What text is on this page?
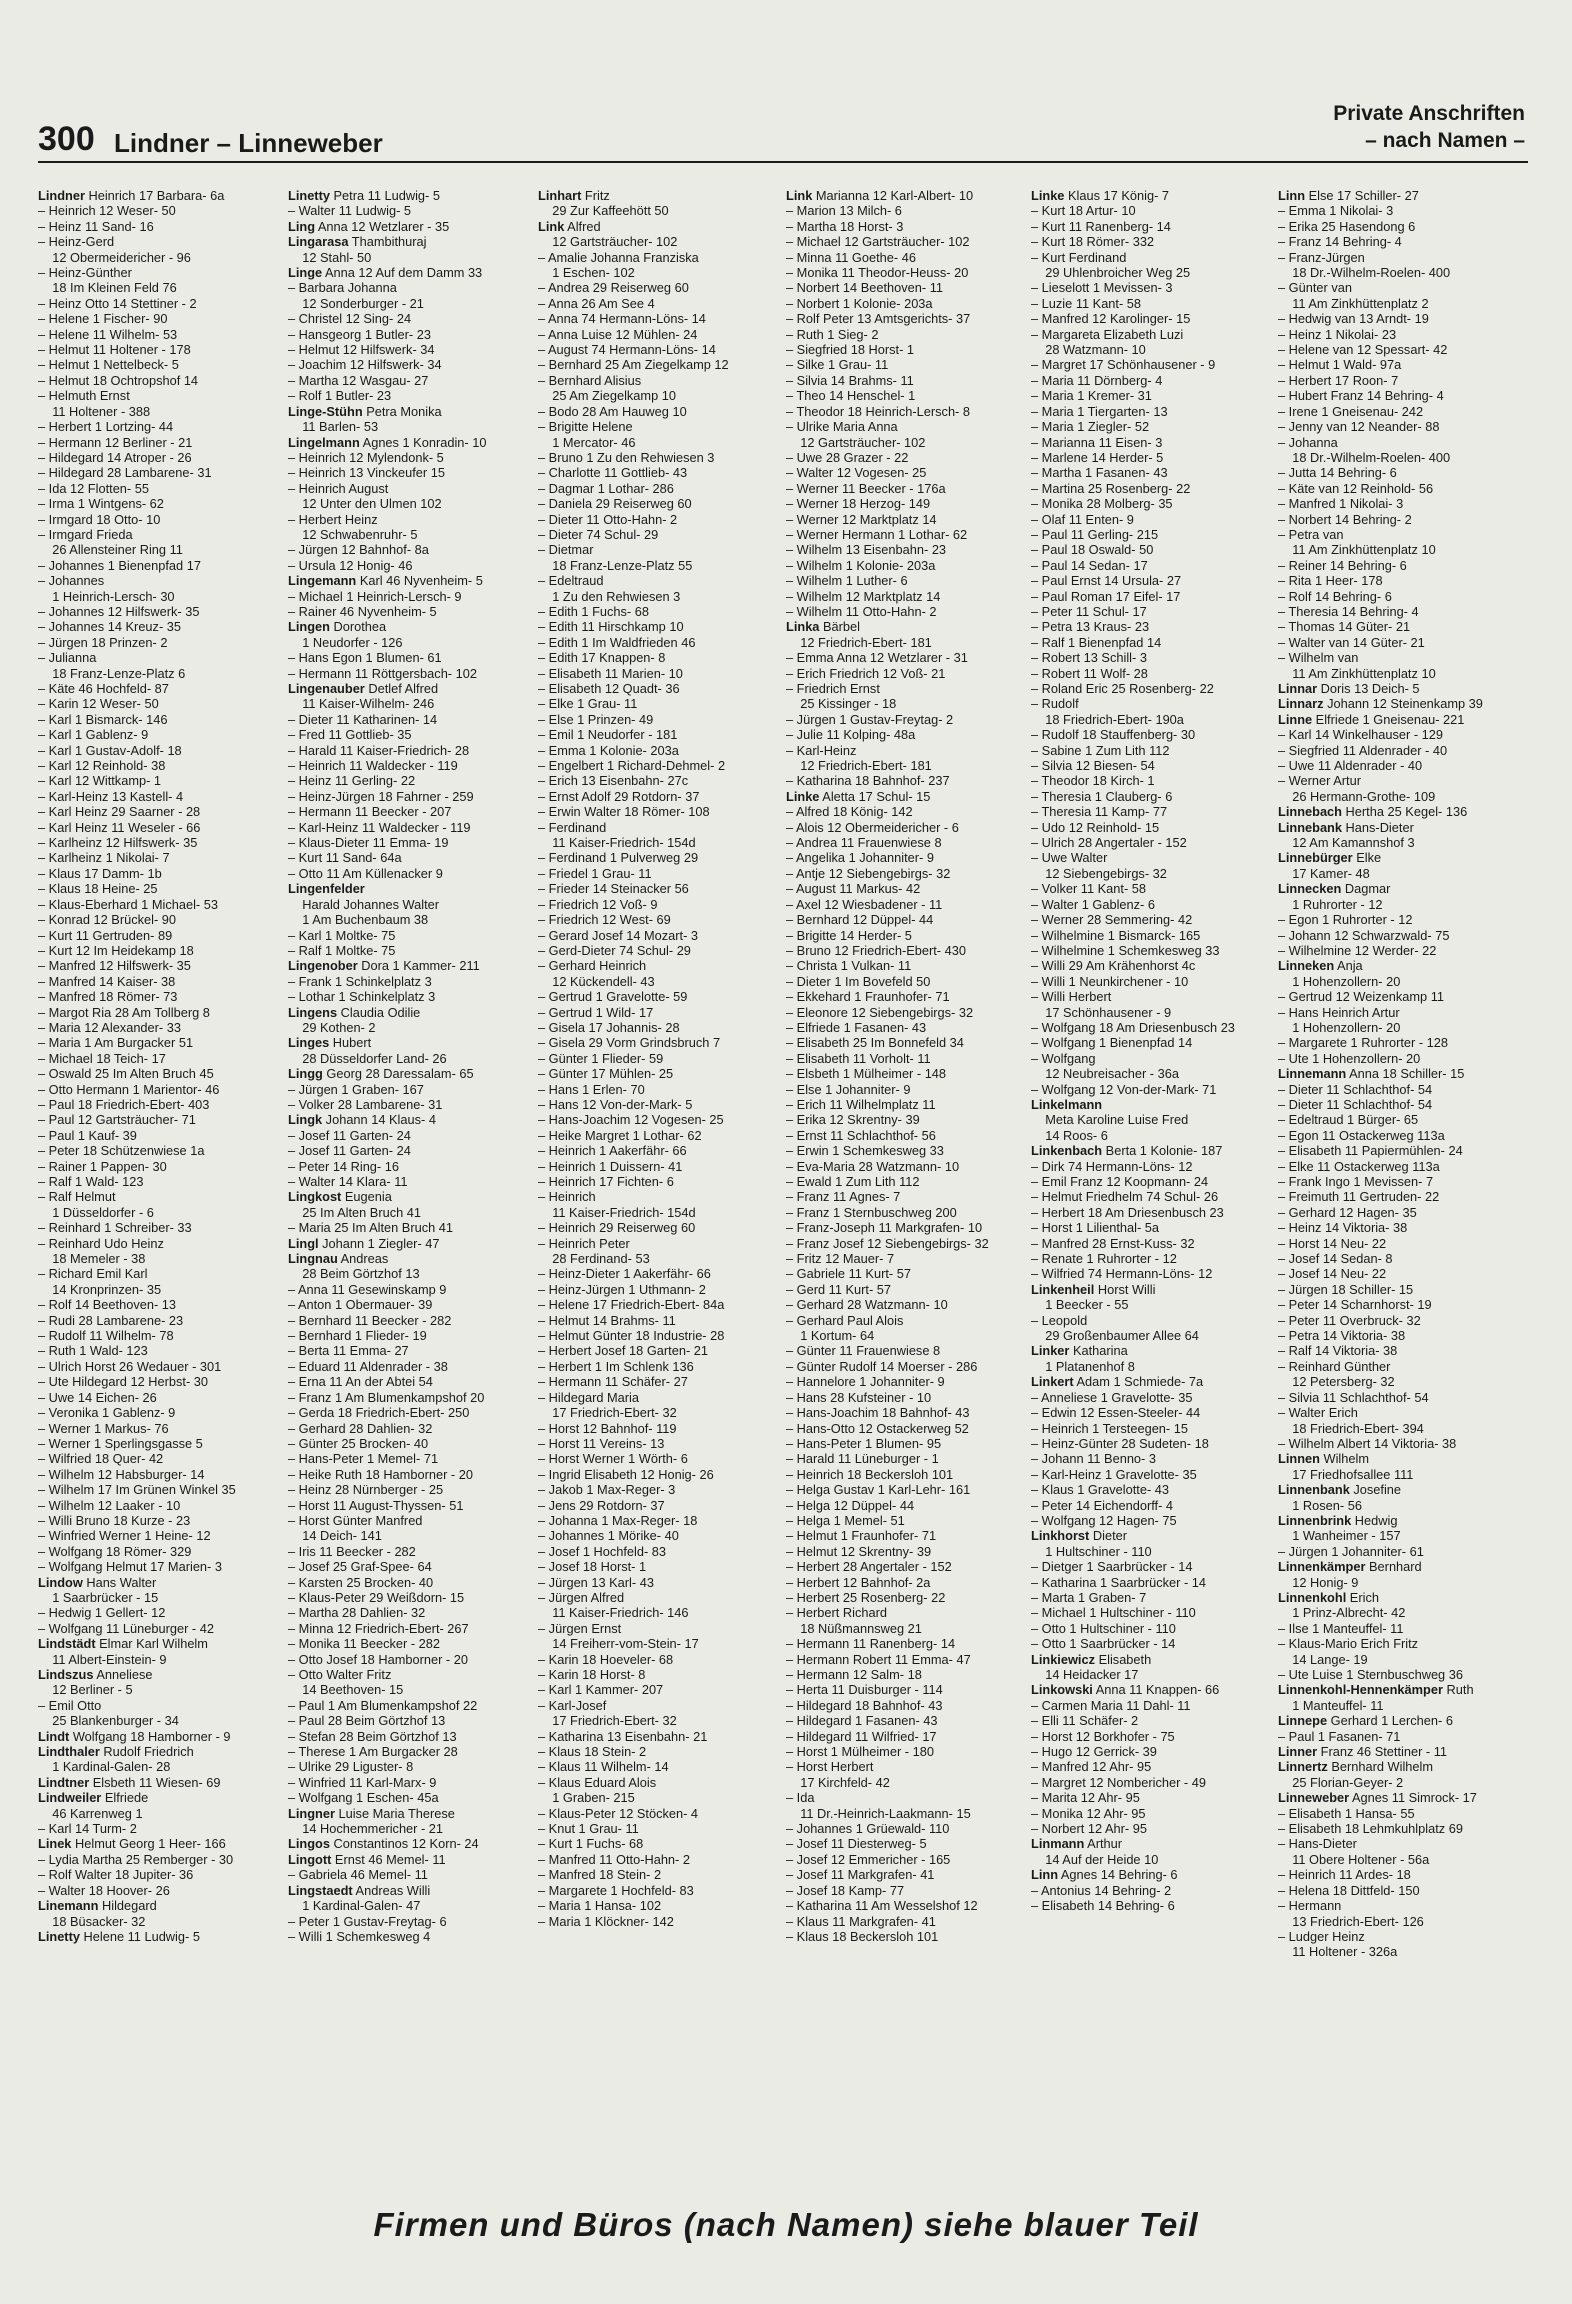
300 Lindner – Linneweber
Private Anschriften
– nach Namen –
Lindner Heinrich 17 Barbara- 6a
– Heinrich 12 Weser- 50
– Heinz 11 Sand- 16
– Heinz-Gerd
12 Obermeidericher - 96
– Heinz-Günther
18 Im Kleinen Feld 76
– Heinz Otto 14 Stettiner - 2
– Helene 1 Fischer- 90
– Helene 11 Wilhelm- 53
– Helmut 11 Holtener - 178
– Helmut 1 Nettelbeck- 5
– Helmut 18 Ochtropshof 14
– Helmuth Ernst
11 Holtener - 388
– Herbert 1 Lortzing- 44
– Hermann 12 Berliner - 21
– Hildegard 14 Atroper - 26
– Hildegard 28 Lambarene- 31
– Ida 12 Flotten- 55
– Irma 1 Wintgens- 62
– Irmgard 18 Otto- 10
– Irmgard Frieda
26 Allensteiner Ring 11
– Johannes 1 Bienenpfad 17
– Johannes
1 Heinrich-Lersch- 30
– Johannes 12 Hilfswerk- 35
– Johannes 14 Kreuz- 35
– Jürgen 18 Prinzen- 2
– Julianna
18 Franz-Lenze-Platz 6
– Käte 46 Hochfeld- 87
– Karin 12 Weser- 50
– Karl 1 Bismarck- 146
– Karl 1 Gablenz- 9
– Karl 1 Gustav-Adolf- 18
– Karl 12 Reinhold- 38
– Karl 12 Wittkamp- 1
– Karl-Heinz 13 Kastell- 4
– Karl Heinz 29 Saarner - 28
– Karl Heinz 11 Weseler - 66
– Karlheinz 12 Hilfswerk- 35
– Karlheinz 1 Nikolai- 7
– Klaus 17 Damm- 1b
– Klaus 18 Heine- 25
– Klaus-Eberhard 1 Michael- 53
– Konrad 12 Brückel- 90
– Kurt 11 Gertruden- 89
– Kurt 12 Im Heidekamp 18
– Manfred 12 Hilfswerk- 35
– Manfred 14 Kaiser- 38
– Manfred 18 Römer- 73
– Margot Ria 28 Am Tollberg 8
– Maria 12 Alexander- 33
– Maria 1 Am Burgacker 51
– Michael 18 Teich- 17
– Oswald 25 Im Alten Bruch 45
– Otto Hermann 1 Marientor- 46
– Paul 18 Friedrich-Ebert- 403
– Paul 12 Gartsträucher- 71
– Paul 1 Kauf- 39
– Peter 18 Schützenwiese 1a
– Rainer 1 Pappen- 30
– Ralf 1 Wald- 123
– Ralf Helmut
1 Düsseldorfer - 6
– Reinhard 1 Schreiber- 33
– Reinhard Udo Heinz
18 Memeler - 38
– Richard Emil Karl
14 Kronprinzen- 35
– Rolf 14 Beethoven- 13
– Rudi 28 Lambarene- 23
– Rudolf 11 Wilhelm- 78
– Ruth 1 Wald- 123
– Ulrich Horst 26 Wedauer - 301
– Ute Hildegard 12 Herbst- 30
– Uwe 14 Eichen- 26
– Veronika 1 Gablenz- 9
– Werner 1 Markus- 76
– Werner 1 Sperlingsgasse 5
– Wilfried 18 Quer- 42
– Wilhelm 12 Habsburger- 14
– Wilhelm 17 Im Grünen Winkel 35
– Wilhelm 12 Laaker - 10
– Willi Bruno 18 Kurze - 23
– Winfried Werner 1 Heine- 12
– Wolfgang 18 Römer- 329
– Wolfgang Helmut 17 Marien- 3
Lindow Hans Walter
1 Saarbrücker - 15
– Hedwig 1 Gellert- 12
– Wolfgang 11 Lüneburger - 42
Lindstädt Elmar Karl Wilhelm
11 Albert-Einstein- 9
Lindszus Anneliese
12 Berliner - 5
– Emil Otto
25 Blankenburger - 34
Lindt Wolfgang 18 Hamborner - 9
Lindthaler Rudolf Friedrich
1 Kardinal-Galen- 28
Lindtner Elsbeth 11 Wiesen- 69
Lindweiler Elfriede
46 Karrenweg 1
– Karl 14 Turm- 2
Linek Helmut Georg 1 Heer- 166
– Lydia Martha 25 Remberger - 30
– Rolf Walter 18 Jupiter- 36
– Walter 18 Hoover- 26
Linemann Hildegard
18 Büsacker- 32
Linetty Helene 11 Ludwig- 5
Linetty Petra 11 Ludwig- 5
– Walter 11 Ludwig- 5
Ling Anna 12 Wetzlarer - 35
Lingarasa Thambithuraj
12 Stahl- 50
Linge Anna 12 Auf dem Damm 33
– Barbara Johanna
12 Sonderburger - 21
– Christel 12 Sing- 24
– Hansgeorg 1 Butler- 23
– Helmut 12 Hilfswerk- 34
– Joachim 12 Hilfswerk- 34
– Martha 12 Wasgau- 27
– Rolf 1 Butler- 23
Linge-Stühn Petra Monika
11 Barlen- 53
Lingelmann Agnes 1 Konradin- 10
– Heinrich 12 Mylendonk- 5
– Heinrich 13 Vinckeufer 15
– Heinrich August
12 Unter den Ulmen 102
– Herbert Heinz
12 Schwabenruhr- 5
– Jürgen 12 Bahnhof- 8a
– Ursula 12 Honig- 46
Lingemann Karl 46 Nyvenheim- 5
– Michael 1 Heinrich-Lersch- 9
– Rainer 46 Nyvenheim- 5
Lingen Dorothea
1 Neudorfer - 126
– Hans Egon 1 Blumen- 61
– Hermann 11 Röttgersbach- 102
Lingenauber Detlef Alfred
11 Kaiser-Wilhelm- 246
– Dieter 11 Katharinen- 14
– Fred 11 Gottlieb- 35
– Harald 11 Kaiser-Friedrich- 28
– Heinrich 11 Waldecker - 119
– Heinz 11 Gerling- 22
– Heinz-Jürgen 18 Fahrner - 259
– Hermann 11 Beecker - 207
– Karl-Heinz 11 Waldecker - 119
– Klaus-Dieter 11 Emma- 19
– Kurt 11 Sand- 64a
– Otto 11 Am Küllenacker 9
Lingenfelder
Harald Johannes Walter
1 Am Buchenbaum 38
– Karl 1 Moltke- 75
– Ralf 1 Moltke- 75
Lingenober Dora 1 Kammer- 211
– Frank 1 Schinkelplatz 3
– Lothar 1 Schinkelplatz 3
Lingens Claudia Odilie
29 Kothen- 2
Linges Hubert
28 Düsseldorfer Land- 26
Lingg Georg 28 Daressalam- 65
– Jürgen 1 Graben- 167
– Volker 28 Lambarene- 31
Lingk Johann 14 Klaus- 4
– Josef 11 Garten- 24
– Josef 11 Garten- 24
– Peter 14 Ring- 16
– Walter 14 Klara- 11
Lingkost Eugenia
25 Im Alten Bruch 41
– Maria 25 Im Alten Bruch 41
Lingl Johann 1 Ziegler- 47
Lingnau Andreas
28 Beim Görtzhof 13
– Anna 11 Gesewinskamp 9
– Anton 1 Obermauer- 39
– Bernhard 11 Beecker - 282
– Bernhard 1 Flieder- 19
– Berta 11 Emma- 27
– Eduard 11 Aldenrader - 38
– Erna 11 An der Abtei 54
– Franz 1 Am Blumenkampshof 20
– Gerda 18 Friedrich-Ebert- 250
– Gerhard 28 Dahlien- 32
– Günter 25 Brocken- 40
– Hans-Peter 1 Memel- 71
– Heike Ruth 18 Hamborner - 20
– Heinz 28 Nürnberger - 25
– Horst 11 August-Thyssen- 51
– Horst Günter Manfred
14 Deich- 141
– Iris 11 Beecker - 282
– Josef 25 Graf-Spee- 64
– Karsten 25 Brocken- 40
– Klaus-Peter 29 Weißdorn- 15
– Martha 28 Dahlien- 32
– Minna 12 Friedrich-Ebert- 267
– Monika 11 Beecker - 282
– Otto Josef 18 Hamborner - 20
– Otto Walter Fritz
14 Beethoven- 15
– Paul 1 Am Blumenkampshof 22
– Paul 28 Beim Görtzhof 13
– Stefan 28 Beim Görtzhof 13
– Therese 1 Am Burgacker 28
– Ulrike 29 Liguster- 8
– Winfried 11 Karl-Marx- 9
– Wolfgang 1 Eschen- 45a
Lingner Luise Maria Therese
14 Hochemmericher - 21
Lingos Constantinos 12 Korn- 24
Lingott Ernst 46 Memel- 11
– Gabriela 46 Memel- 11
Lingstaedt Andreas Willi
1 Kardinal-Galen- 47
– Peter 1 Gustav-Freytag- 6
– Willi 1 Schemkesweg 4
Linhart Fritz
29 Zur Kaffeehött 50
Link Alfred
12 Gartsträucher- 102
– Amalie Johanna Franziska
1 Eschen- 102
– Andrea 29 Reiserweg 60
– Anna 26 Am See 4
– Anna 74 Hermann-Löns- 14
– Anna Luise 12 Mühlen- 24
– August 74 Hermann-Löns- 14
– Bernhard 25 Am Ziegelkamp 12
– Bernhard Alisius
25 Am Ziegelkamp 10
– Bodo 28 Am Hauweg 10
– Brigitte Helene
1 Mercator- 46
– Bruno 1 Zu den Rehwiesen 3
– Charlotte 11 Gottlieb- 43
– Dagmar 1 Lothar- 286
– Daniela 29 Reiserweg 60
– Dieter 11 Otto-Hahn- 2
– Dieter 74 Schul- 29
– Dietmar
18 Franz-Lenze-Platz 55
– Edeltraud
1 Zu den Rehwiesen 3
– Edith 1 Fuchs- 68
– Edith 11 Hirschkamp 10
– Edith 1 Im Waldfrieden 46
– Edith 17 Knappen- 8
– Elisabeth 11 Marien- 10
– Elisabeth 12 Quadt- 36
– Elke 1 Grau- 11
– Else 1 Prinzen- 49
– Emil 1 Neudorfer - 181
– Emma 1 Kolonie- 203a
– Engelbert 1 Richard-Dehmel- 2
– Erich 13 Eisenbahn- 27c
– Ernst Adolf 29 Rotdorn- 37
– Erwin Walter 18 Römer- 108
– Ferdinand
11 Kaiser-Friedrich- 154d
– Ferdinand 1 Pulverweg 29
– Friedel 1 Grau- 11
– Frieder 14 Steinacker 56
– Friedrich 12 Voß- 9
– Friedrich 12 West- 69
– Gerard Josef 14 Mozart- 3
– Gerd-Dieter 74 Schul- 29
– Gerhard Heinrich
12 Kückendell- 43
– Gertrud 1 Gravelotte- 59
– Gertrud 1 Wild- 17
– Gisela 17 Johannis- 28
– Gisela 29 Vorm Grindsbruch 7
– Günter 1 Flieder- 59
– Günter 17 Mühlen- 25
– Hans 1 Erlen- 70
– Hans 12 Von-der-Mark- 5
– Hans-Joachim 12 Vogesen- 25
– Heike Margret 1 Lothar- 62
– Heinrich 1 Aakerfähr- 66
– Heinrich 1 Duissern- 41
– Heinrich 17 Fichten- 6
– Heinrich
11 Kaiser-Friedrich- 154d
– Heinrich 29 Reiserweg 60
– Heinrich Peter
28 Ferdinand- 53
– Heinz-Dieter 1 Aakerfähr- 66
– Heinz-Jürgen 1 Uthmann- 2
– Helene 17 Friedrich-Ebert- 84a
– Helmut 14 Brahms- 11
– Helmut Günter 18 Industrie- 28
– Herbert Josef 18 Garten- 21
– Herbert 1 Im Schlenk 136
– Hermann 11 Schäfer- 27
– Hildegard Maria
17 Friedrich-Ebert- 32
– Horst 12 Bahnhof- 119
– Horst 11 Vereins- 13
– Horst Werner 1 Wörth- 6
– Ingrid Elisabeth 12 Honig- 26
– Jakob 1 Max-Reger- 3
– Jens 29 Rotdorn- 37
– Johanna 1 Max-Reger- 18
– Johannes 1 Mörike- 40
– Josef 1 Hochfeld- 83
– Josef 18 Horst- 1
– Jürgen 13 Karl- 43
– Jürgen Alfred
11 Kaiser-Friedrich- 146
– Jürgen Ernst
14 Freiherr-vom-Stein- 17
– Karin 18 Hoeveler- 68
– Karin 18 Horst- 8
– Karl 1 Kammer- 207
– Karl-Josef
17 Friedrich-Ebert- 32
– Katharina 13 Eisenbahn- 21
– Klaus 18 Stein- 2
– Klaus 11 Wilhelm- 14
– Klaus Eduard Alois
1 Graben- 215
– Klaus-Peter 12 Stöcken- 4
– Knut 1 Grau- 11
– Kurt 1 Fuchs- 68
– Manfred 11 Otto-Hahn- 2
– Manfred 18 Stein- 2
– Margarete 1 Hochfeld- 83
– Maria 1 Hansa- 102
– Maria 1 Klöckner- 142
Link Marianna 12 Karl-Albert- 10
– Marion 13 Milch- 6
– Martha 18 Horst- 3
– Michael 12 Gartsträucher- 102
– Minna 11 Goethe- 46
– Monika 11 Theodor-Heuss- 20
– Norbert 14 Beethoven- 11
– Norbert 1 Kolonie- 203a
– Rolf Peter 13 Amtsgerichts- 37
– Ruth 1 Sieg- 2
– Siegfried 18 Horst- 1
– Silke 1 Grau- 11
– Silvia 14 Brahms- 11
– Theo 14 Henschel- 1
– Theodor 18 Heinrich-Lersch- 8
– Ulrike Maria Anna
12 Gartsträucher- 102
– Uwe 28 Grazer - 22
– Walter 12 Vogesen- 25
– Werner 11 Beecker - 176a
– Werner 18 Herzog- 149
– Werner 12 Marktplatz 14
– Werner Hermann 1 Lothar- 62
– Wilhelm 13 Eisenbahn- 23
– Wilhelm 1 Kolonie- 203a
– Wilhelm 1 Luther- 6
– Wilhelm 12 Marktplatz 14
– Wilhelm 11 Otto-Hahn- 2
Linka Bärbel
12 Friedrich-Ebert- 181
– Emma Anna 12 Wetzlarer - 31
– Erich Friedrich 12 Voß- 21
– Friedrich Ernst
25 Kissinger - 18
– Jürgen 1 Gustav-Freytag- 2
– Julie 11 Kolping- 48a
– Karl-Heinz
12 Friedrich-Ebert- 181
– Katharina 18 Bahnhof- 237
Linke Aletta 17 Schul- 15
– Alfred 18 König- 142
– Alois 12 Obermeidericher - 6
– Andrea 11 Frauenwiese 8
– Angelika 1 Johanniter- 9
– Antje 12 Siebengebirgs- 32
– August 11 Markus- 42
– Axel 12 Wiesbadener - 11
– Bernhard 12 Düppel- 44
– Brigitte 14 Herder- 5
– Bruno 12 Friedrich-Ebert- 430
– Christa 1 Vulkan- 11
– Dieter 1 Im Bovefeld 50
– Ekkehard 1 Fraunhofer- 71
– Eleonore 12 Siebengebirgs- 32
– Elfriede 1 Fasanen- 43
– Elisabeth 25 Im Bonnefeld 34
– Elisabeth 11 Vorholt- 11
– Elsbeth 1 Mülheimer - 148
– Else 1 Johanniter- 9
– Erich 11 Wilhelmplatz 11
– Erika 12 Skrentny- 39
– Ernst 11 Schlachthof- 56
– Erwin 1 Schemkesweg 33
– Eva-Maria 28 Watzmann- 10
– Ewald 1 Zum Lith 112
– Franz 11 Agnes- 7
– Franz 1 Sternbuschweg 200
– Franz-Joseph 11 Markgrafen- 10
– Franz Josef 12 Siebengebirgs- 32
– Fritz 12 Mauer- 7
– Gabriele 11 Kurt- 57
– Gerd 11 Kurt- 57
– Gerhard 28 Watzmann- 10
– Gerhard Paul Alois
1 Kortum- 64
– Günter 11 Frauenwiese 8
– Günter Rudolf 14 Moerser - 286
– Hannelore 1 Johanniter- 9
– Hans 28 Kufsteiner - 10
– Hans-Joachim 18 Bahnhof- 43
– Hans-Otto 12 Ostackerweg 52
– Hans-Peter 1 Blumen- 95
– Harald 11 Lüneburger - 1
– Heinrich 18 Beckersloh 101
– Helga Gustav 1 Karl-Lehr- 161
– Helga 12 Düppel- 44
– Helga 1 Memel- 51
– Helmut 1 Fraunhofer- 71
– Helmut 12 Skrentny- 39
– Herbert 28 Angertaler - 152
– Herbert 12 Bahnhof- 2a
– Herbert 25 Rosenberg- 22
– Herbert Richard
18 Nüßmannsweg 21
– Hermann 11 Ranenberg- 14
– Hermann Robert 11 Emma- 47
– Hermann 12 Salm- 18
– Herta 11 Duisburger - 114
– Hildegard 18 Bahnhof- 43
– Hildegard 1 Fasanen- 43
– Hildegard 11 Wilfried- 17
– Horst 1 Mülheimer - 180
– Horst Herbert
17 Kirchfeld- 42
– Ida
11 Dr.-Heinrich-Laakmann- 15
– Johannes 1 Grüewald- 110
– Josef 11 Diesterweg- 5
– Josef 12 Emmericher - 165
– Josef 11 Markgrafen- 41
– Josef 18 Kamp- 77
– Katharina 11 Am Wesselshof 12
– Klaus 11 Markgrafen- 41
– Klaus 18 Beckersloh 101
Linke Klaus 17 König- 7
– Kurt 18 Artur- 10
– Kurt 11 Ranenberg- 14
– Kurt 18 Römer- 332
– Kurt Ferdinand
29 Uhlenbroicher Weg 25
– Lieselott 1 Mevissen- 3
– Luzie 11 Kant- 58
– Manfred 12 Karolinger- 15
– Margareta Elizabeth Luzi
28 Watzmann- 10
– Margret 17 Schönhausener - 9
– Maria 11 Dörnberg- 4
– Maria 1 Kremer- 31
– Maria 1 Tiergarten- 13
– Maria 1 Ziegler- 52
– Marianna 11 Eisen- 3
– Marlene 14 Herder- 5
– Martha 1 Fasanen- 43
– Martina 25 Rosenberg- 22
– Monika 28 Molberg- 35
– Olaf 11 Enten- 9
– Paul 11 Gerling- 215
– Paul 18 Oswald- 50
– Paul 14 Sedan- 17
– Paul Ernst 14 Ursula- 27
– Paul Roman 17 Eifel- 17
– Peter 11 Schul- 17
– Petra 13 Kraus- 23
– Ralf 1 Bienenpfad 14
– Robert 13 Schill- 3
– Robert 11 Wolf- 28
– Roland Eric 25 Rosenberg- 22
– Rudolf
18 Friedrich-Ebert- 190a
– Rudolf 18 Stauffenberg- 30
– Sabine 1 Zum Lith 112
– Silvia 12 Biesen- 54
– Theodor 18 Kirch- 1
– Theresia 1 Clauberg- 6
– Theresia 11 Kamp- 77
– Udo 12 Reinhold- 15
– Ulrich 28 Angertaler - 152
– Uwe Walter
12 Siebengebirgs- 32
– Volker 11 Kant- 58
– Walter 1 Gablenz- 6
– Werner 28 Semmering- 42
– Wilhelmine 1 Bismarck- 165
– Wilhelmine 1 Schemkesweg 33
– Willi 29 Am Krähenhorst 4c
– Willi 1 Neunkirchener - 10
– Willi Herbert
17 Schönhausener - 9
– Wolfgang 18 Am Driesenbusch 23
– Wolfgang 1 Bienenpfad 14
– Wolfgang
12 Neubreisacher - 36a
– Wolfgang 12 Von-der-Mark- 71
Linkelmann
Meta Karoline Luise Fred
14 Roos- 6
Linkenbach Berta 1 Kolonie- 187
– Dirk 74 Hermann-Löns- 12
– Emil Franz 12 Koopmann- 24
– Helmut Friedhelm 74 Schul- 26
– Herbert 18 Am Driesenbusch 23
– Horst 1 Lilienthal- 5a
– Manfred 28 Ernst-Kuss- 32
– Renate 1 Ruhrorter - 12
– Wilfried 74 Hermann-Löns- 12
Linkenheil Horst Willi
1 Beecker - 55
– Leopold
29 Großenbaumer Allee 64
Linker Katharina
1 Platanenhof 8
Linkert Adam 1 Schmiede- 7a
– Anneliese 1 Gravelotte- 35
– Edwin 12 Essen-Steeler- 44
– Heinrich 1 Tersteegen- 15
– Heinz-Günter 28 Sudeten- 18
– Johann 11 Benno- 3
– Karl-Heinz 1 Gravelotte- 35
– Klaus 1 Gravelotte- 43
– Peter 14 Eichendorff- 4
– Wolfgang 12 Hagen- 75
Linkhorst Dieter
1 Hultschiner - 110
– Dietger 1 Saarbrücker - 14
– Katharina 1 Saarbrücker - 14
– Marta 1 Graben- 7
– Michael 1 Hultschiner - 110
– Otto 1 Hultschiner - 110
– Otto 1 Saarbrücker - 14
Linkiewicz Elisabeth
14 Heidacker 17
Linkowski Anna 11 Knappen- 66
– Carmen Maria 11 Dahl- 11
– Elli 11 Schäfer- 2
– Horst 12 Borkhofer - 75
– Hugo 12 Gerrick- 39
– Manfred 12 Ahr- 95
– Margret 12 Nombericher - 49
– Marita 12 Ahr- 95
– Monika 12 Ahr- 95
– Norbert 12 Ahr- 95
Linmann Arthur
14 Auf der Heide 10
Linn Agnes 14 Behring- 6
– Antonius 14 Behring- 2
– Elisabeth 14 Behring- 6
Linn Else 17 Schiller- 27
– Emma 1 Nikolai- 3
– Erika 25 Hasendong 6
– Franz 14 Behring- 4
– Franz-Jürgen
18 Dr.-Wilhelm-Roelen- 400
– Günter van
11 Am Zinkhüttenplatz 2
– Hedwig van 13 Arndt- 19
– Heinz 1 Nikolai- 23
– Helene van 12 Spessart- 42
– Helmut 1 Wald- 97a
– Herbert 17 Roon- 7
– Hubert Franz 14 Behring- 4
– Irene 1 Gneisenau- 242
– Jenny van 12 Neander- 88
– Johanna
18 Dr.-Wilhelm-Roelen- 400
– Jutta 14 Behring- 6
– Käte van 12 Reinhold- 56
– Manfred 1 Nikolai- 3
– Norbert 14 Behring- 2
– Petra van
11 Am Zinkhüttenplatz 10
– Reiner 14 Behring- 6
– Rita 1 Heer- 178
– Rolf 14 Behring- 6
– Theresia 14 Behring- 4
– Thomas 14 Güter- 21
– Walter van 14 Güter- 21
– Wilhelm van
11 Am Zinkhüttenplatz 10
Linnar Doris 13 Deich- 5
Linnarz Johann 12 Steinenkamp 39
Linne Elfriede 1 Gneisenau- 221
– Karl 14 Winkelhauser - 129
– Siegfried 11 Aldenrader - 40
– Uwe 11 Aldenrader - 40
– Werner Artur
26 Hermann-Grothe- 109
Linnebach Hertha 25 Kegel- 136
Linnebank Hans-Dieter
12 Am Kamannshof 3
Linnebürger Elke
17 Kamer- 48
Linnecken Dagmar
1 Ruhrorter - 12
– Egon 1 Ruhrorter - 12
– Johann 12 Schwarzwald- 75
– Wilhelmine 12 Werder- 22
Linneken Anja
1 Hohenzollern- 20
– Gertrud 12 Weizenkamp 11
– Hans Heinrich Artur
1 Hohenzollern- 20
– Margarete 1 Ruhrorter - 128
– Ute 1 Hohenzollern- 20
Linnemann Anna 18 Schiller- 15
– Dieter 11 Schlachthof- 54
– Dieter 11 Schlachthof- 54
– Edeltraud 1 Bürger- 65
– Egon 11 Ostackerweg 113a
– Elisabeth 11 Papiermühlen- 24
– Elke 11 Ostackerweg 113a
– Frank Ingo 1 Mevissen- 7
– Freimuth 11 Gertruden- 22
– Gerhard 12 Hagen- 35
– Heinz 14 Viktoria- 38
– Horst 14 Neu- 22
– Josef 14 Sedan- 8
– Josef 14 Neu- 22
– Jürgen 18 Schiller- 15
– Peter 14 Scharnhorst- 19
– Peter 11 Overbruck- 32
– Petra 14 Viktoria- 38
– Ralf 14 Viktoria- 38
– Reinhard Günther
12 Petersberg- 32
– Silvia 11 Schlachthof- 54
– Walter Erich
18 Friedrich-Ebert- 394
– Wilhelm Albert 14 Viktoria- 38
Linnen Wilhelm
17 Friedhofsallee 111
Linnenbank Josefine
1 Rosen- 56
Linnenbrink Hedwig
1 Wanheimer - 157
– Jürgen 1 Johanniter- 61
Linnenkämper Bernhard
12 Honig- 9
Linnenkohl Erich
1 Prinz-Albrecht- 42
– Ilse 1 Manteuffel- 11
– Klaus-Mario Erich Fritz
14 Lange- 19
– Ute Luise 1 Sternbuschweg 36
Linnenkohl-Hennenkämper Ruth
1 Manteuffel- 11
Linnepe Gerhard 1 Lerchen- 6
– Paul 1 Fasanen- 71
Linner Franz 46 Stettiner - 11
Linnertz Bernhard Wilhelm
25 Florian-Geyer- 2
Linneweber Agnes 11 Simrock- 17
– Elisabeth 1 Hansa- 55
– Elisabeth 18 Lehmkuhlplatz 69
– Hans-Dieter
11 Obere Holtener - 56a
– Heinrich 11 Ardes- 18
– Helena 18 Dittfeld- 150
– Hermann
13 Friedrich-Ebert- 126
– Ludger Heinz
11 Holtener - 326a
Firmen und Büros (nach Namen) siehe blauer Teil
